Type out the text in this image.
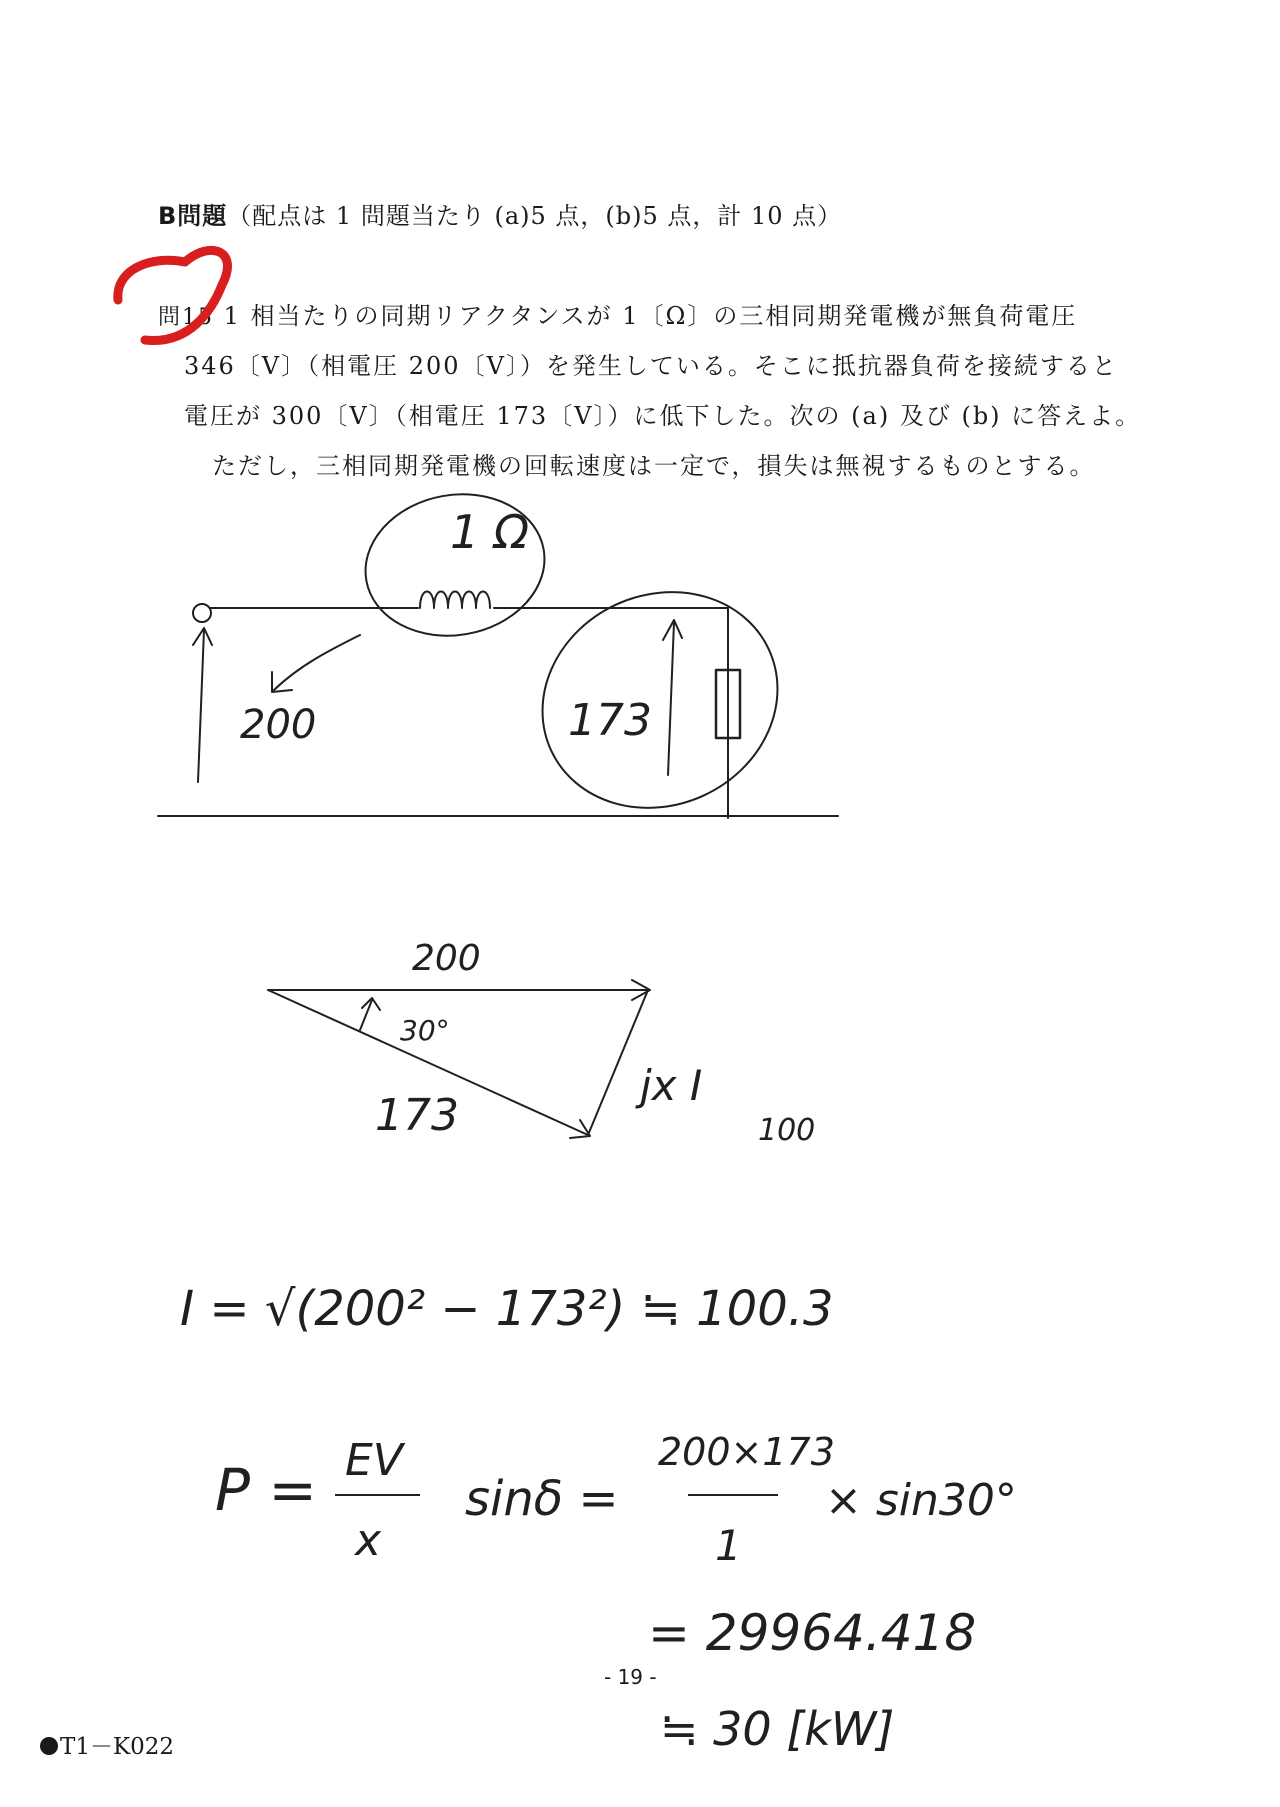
B問題（配点は 1 問題当たり (a)5 点，(b)5 点，計 10 点）
問15 1 相当たりの同期リアクタンスが 1〔Ω〕の三相同期発電機が無負荷電圧
346〔V〕（相電圧 200〔V〕）を発生している。そこに抵抗器負荷を接続すると
電圧が 300〔V〕（相電圧 173〔V〕）に低下した。次の (a) 及び (b) に答えよ。
ただし，三相同期発電機の回転速度は一定で，損失は無視するものとする。
1 Ω
200	173
200
30°
173
jx I
100
I = √(200² − 173²) ≒ 100.3
P = EV
x
sinδ =
200×173
1
× sin30°
= 29964.418
≒ 30 [kW]
- 19 -
T1－K022
